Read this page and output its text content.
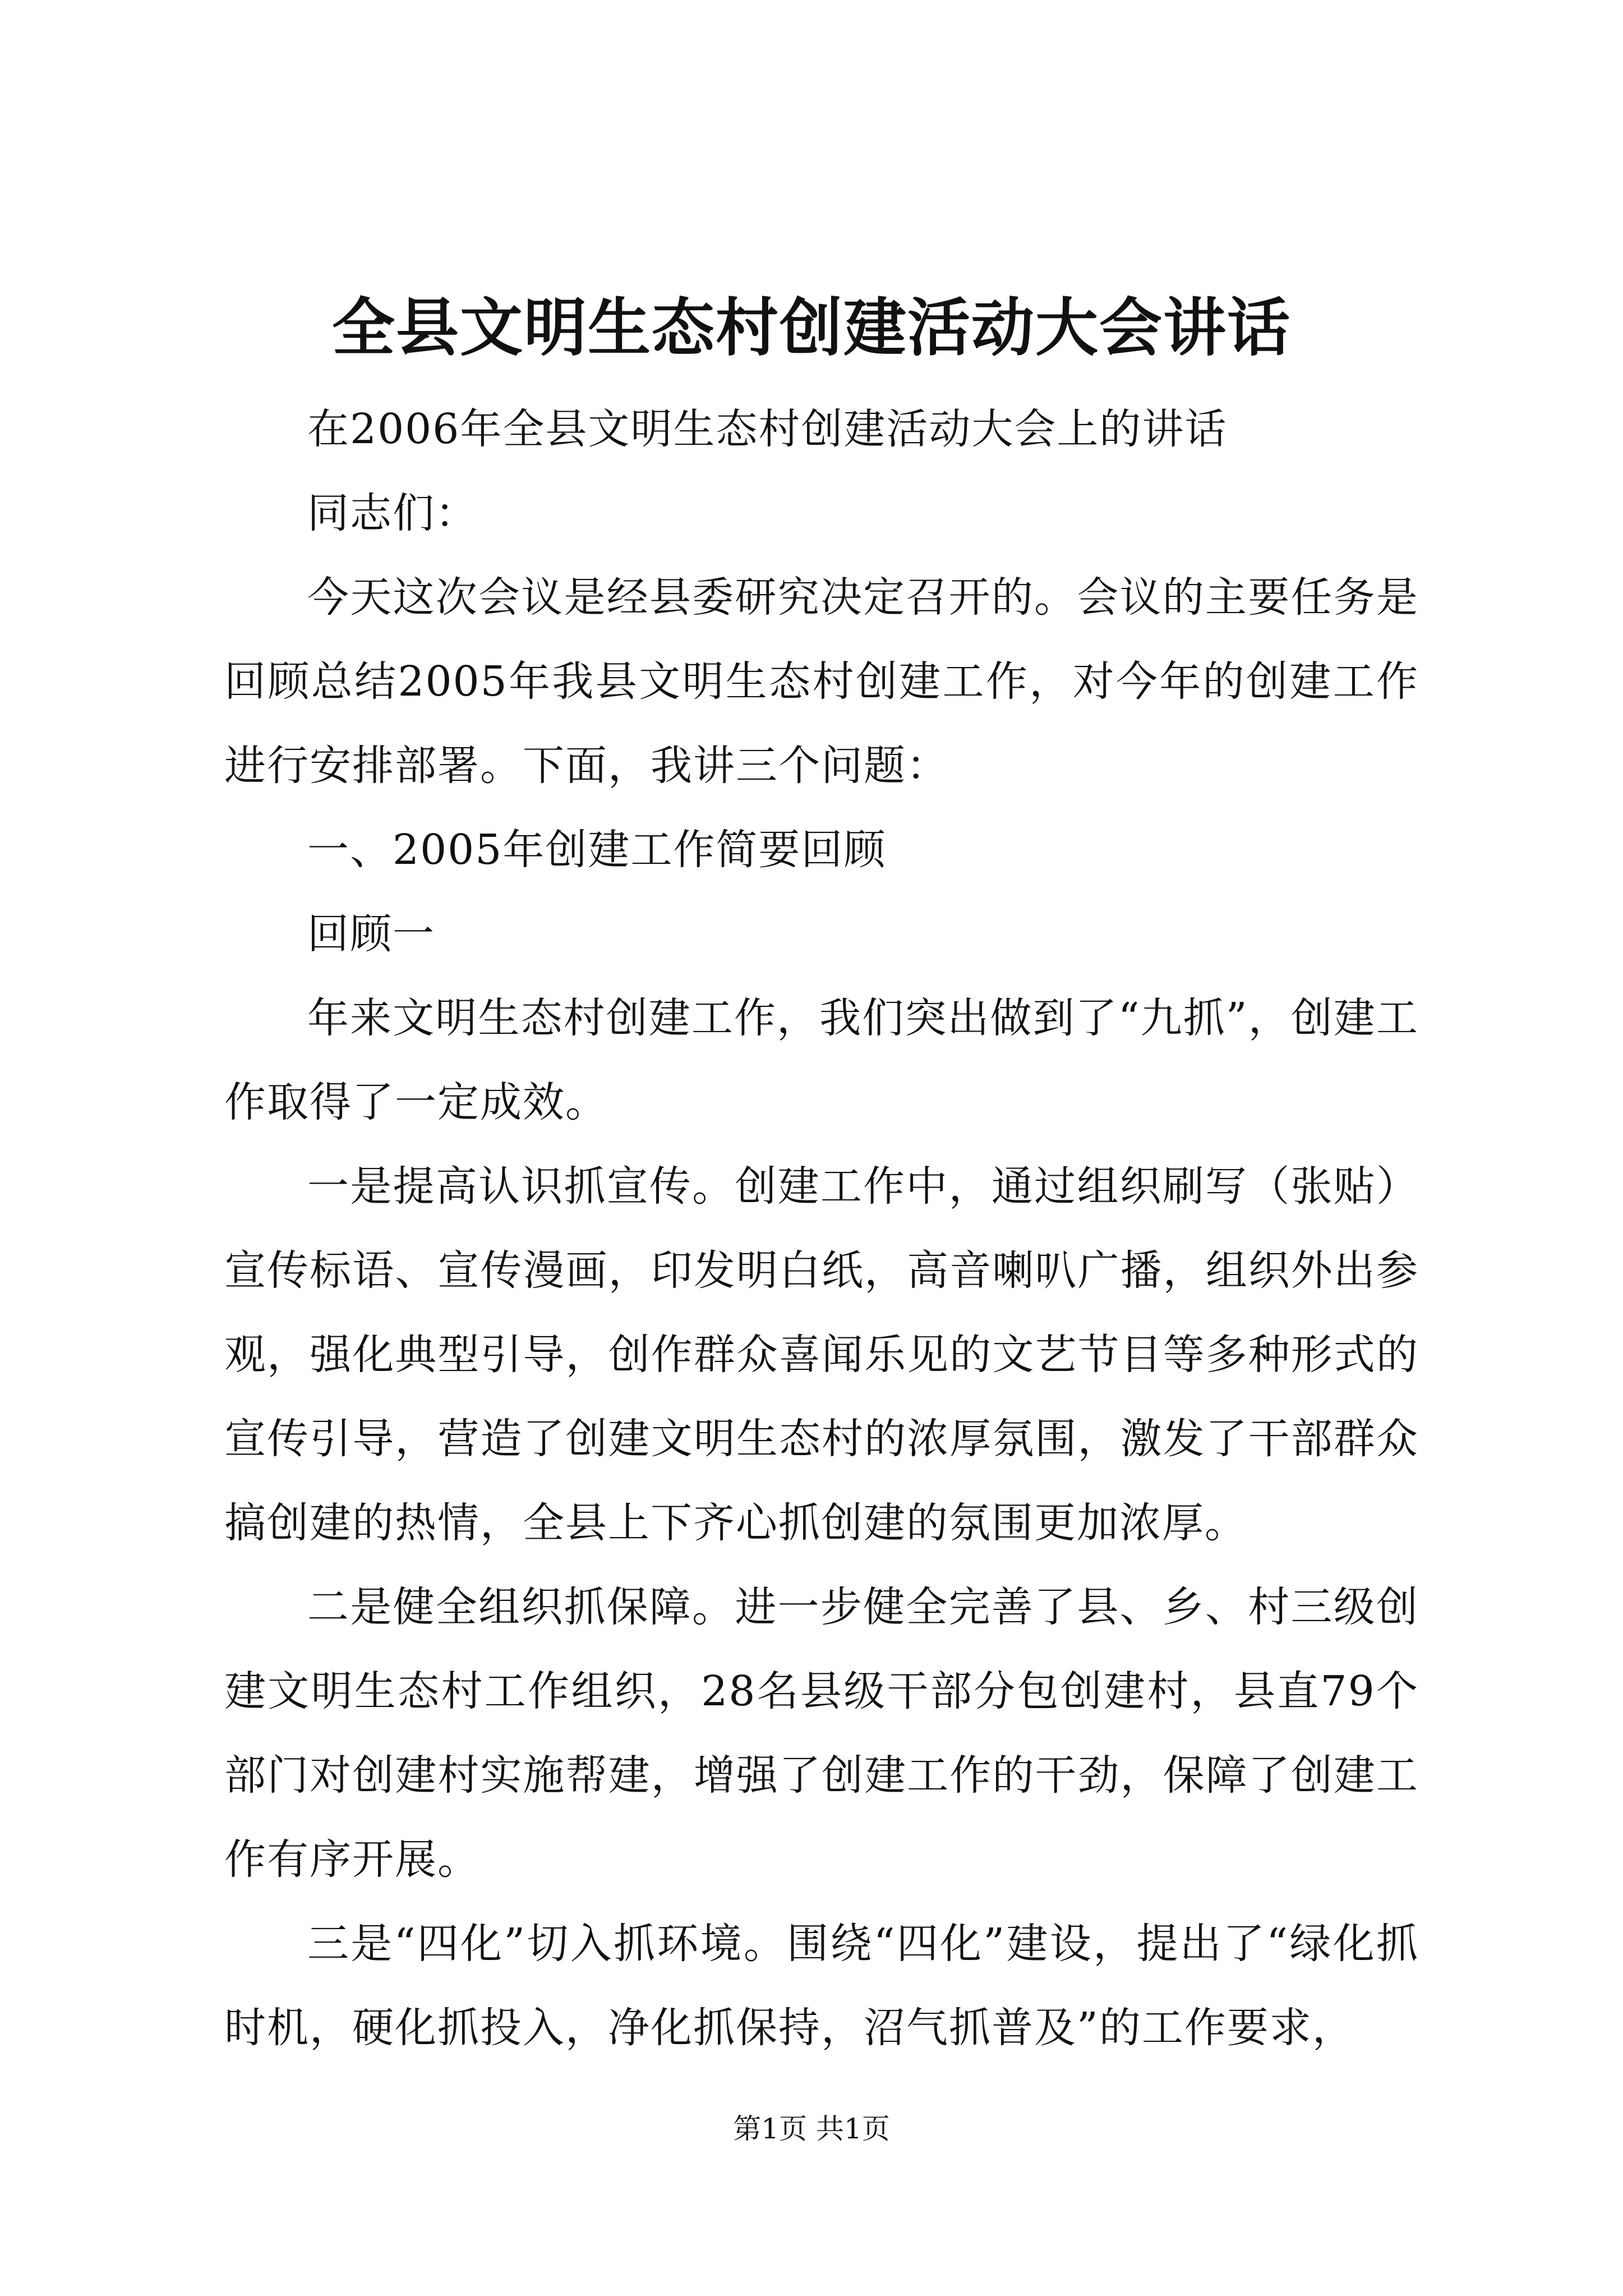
全县文明生态村创建活动大会讲话

在2006年全县文明生态村创建活动大会上的讲话

同志们：

今天这次会议是经县委研究决定召开的。会议的主要任务是回顾总结2005年我县文明生态村创建工作，对今年的创建工作进行安排部署。下面，我讲三个问题：

一、2005年创建工作简要回顾

回顾一

年来文明生态村创建工作，我们突出做到了“九抓”，创建工作取得了一定成效。

一是提高认识抓宣传。创建工作中，通过组织刷写（张贴）宣传标语、宣传漫画，印发明白纸，高音喇叭广播，组织外出参观，强化典型引导，创作群众喜闻乐见的文艺节目等多种形式的宣传引导，营造了创建文明生态村的浓厚氛围，激发了干部群众搞创建的热情，全县上下齐心抓创建的氛围更加浓厚。

二是健全组织抓保障。进一步健全完善了县、乡、村三级创建文明生态村工作组织，28名县级干部分包创建村，县直79个部门对创建村实施帮建，增强了创建工作的干劲，保障了创建工作有序开展。

三是“四化”切入抓环境。围绕“四化”建设，提出了“绿化抓时机，硬化抓投入，净化抓保持，沼气抓普及”的工作要求，

第1页 共1页
